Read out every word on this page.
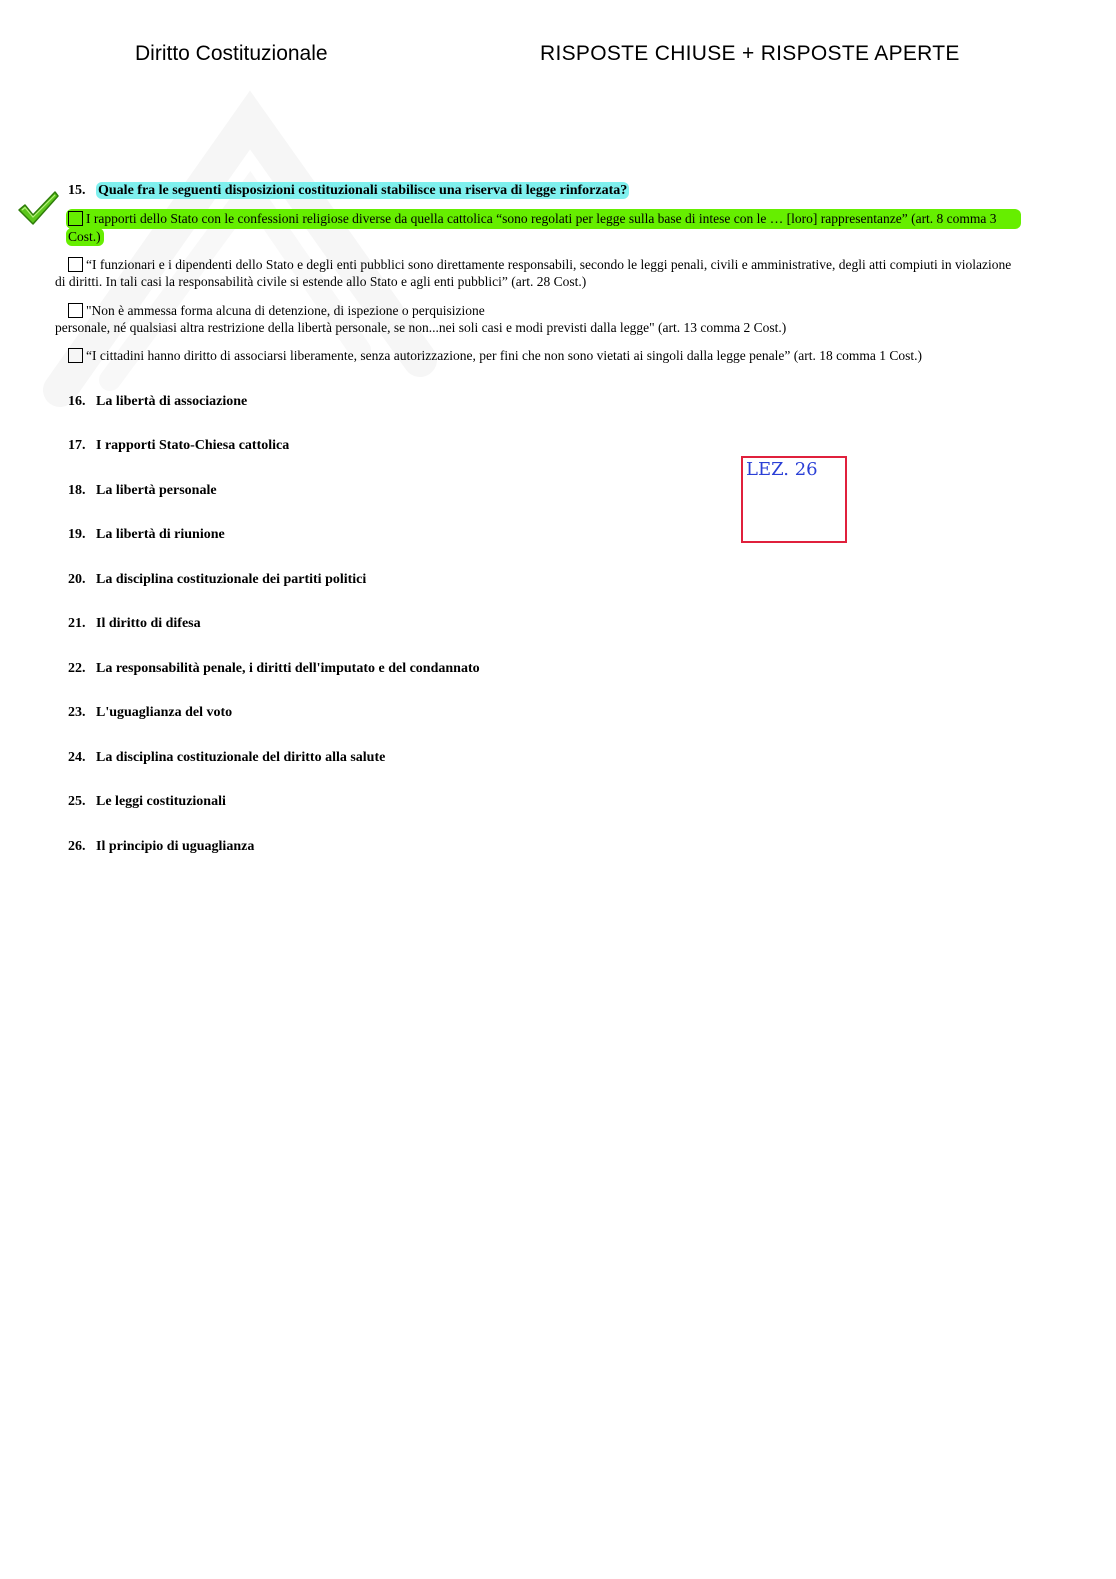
Diritto Costituzionale	RISPOSTE CHIUSE + RISPOSTE APERTE
15. Quale fra le seguenti disposizioni costituzionali stabilisce una riserva di legge rinforzata?
I rapporti dello Stato con le confessioni religiose diverse da quella cattolica “sono regolati per legge sulla base di intese con le … [loro] rappresentanze” (art. 8 comma 3
Cost.)
“I funzionari e i dipendenti dello Stato e degli enti pubblici sono direttamente responsabili, secondo le leggi penali, civili e amministrative, degli atti compiuti in violazione
di diritti. In tali casi la responsabilità civile si estende allo Stato e agli enti pubblici” (art. 28 Cost.)
"Non è ammessa forma alcuna di detenzione, di ispezione o perquisizione
personale, né qualsiasi altra restrizione della libertà personale, se non...nei soli casi e modi previsti dalla legge" (art. 13 comma 2 Cost.)
“I cittadini hanno diritto di associarsi liberamente, senza autorizzazione, per fini che non sono vietati ai singoli dalla legge penale” (art. 18 comma 1 Cost.)
16. La libertà di associazione
17. I rapporti Stato-Chiesa cattolica
18. La libertà personale
19. La libertà di riunione
20. La disciplina costituzionale dei partiti politici
21. Il diritto di difesa
22. La responsabilità penale, i diritti dell'imputato e del condannato
23. L'uguaglianza del voto
24. La disciplina costituzionale del diritto alla salute
25. Le leggi costituzionali
26. Il principio di uguaglianza
LEZ. 26
